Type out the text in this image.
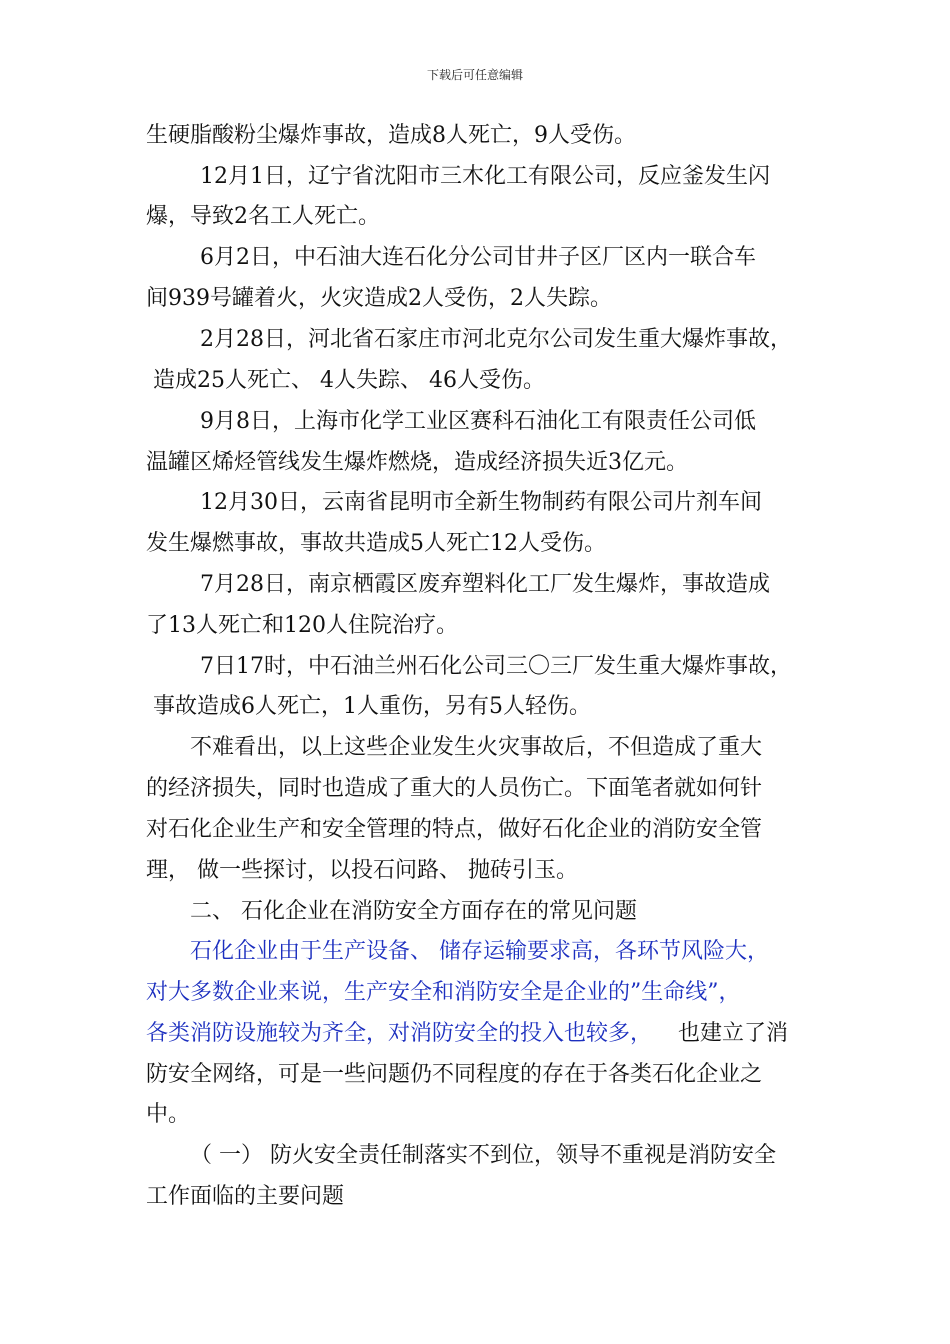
下载后可任意编辑
生硬脂酸粉尘爆炸事故，造成8人死亡，9人受伤。
12月1日，辽宁省沈阳市三木化工有限公司，反应釜发生闪
爆，导致2名工人死亡。
6月2日，中石油大连石化分公司甘井子区厂区内一联合车
间939号罐着火，火灾造成2人受伤，2人失踪。
2月28日，河北省石家庄市河北克尔公司发生重大爆炸事故，
造成25人死亡、 4人失踪、 46人受伤。
9月8日，上海市化学工业区赛科石油化工有限责任公司低
温罐区烯烃管线发生爆炸燃烧，造成经济损失近3亿元。
12月30日，云南省昆明市全新生物制药有限公司片剂车间
发生爆燃事故，事故共造成5人死亡12人受伤。
7月28日，南京栖霞区废弃塑料化工厂发生爆炸，事故造成
了13人死亡和120人住院治疗。
7日17时，中石油兰州石化公司三〇三厂发生重大爆炸事故，
事故造成6人死亡，1人重伤，另有5人轻伤。
不难看出，以上这些企业发生火灾事故后，不但造成了重大
的经济损失，同时也造成了重大的人员伤亡。下面笔者就如何针
对石化企业生产和安全管理的特点，做好石化企业的消防安全管
理， 做一些探讨，以投石问路、 抛砖引玉。
二、 石化企业在消防安全方面存在的常见问题
石化企业由于生产设备、 储存运输要求高，各环节风险大，
对大多数企业来说，生产安全和消防安全是企业的”生命线”，
各类消防设施较为齐全，对消防安全的投入也较多， 也建立了消
防安全网络，可是一些问题仍不同程度的存在于各类石化企业之
中。
（ 一） 防火安全责任制落实不到位，领导不重视是消防安全
工作面临的主要问题
